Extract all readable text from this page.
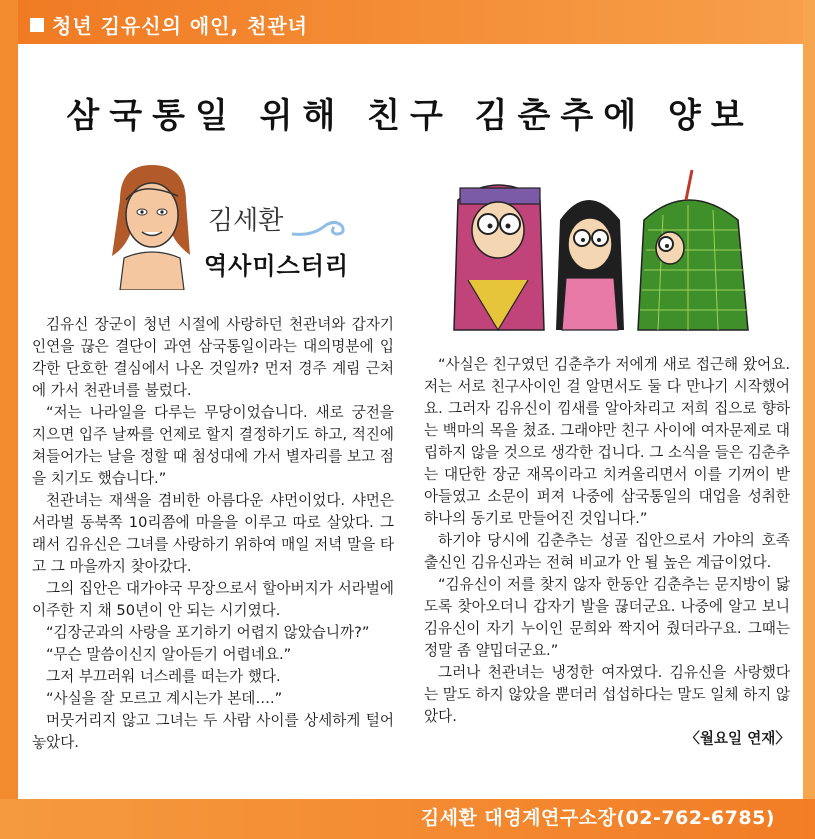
청년 김유신의 애인, 천관녀
삼국통일 위해 친구 김춘추에 양보
김세환
역사미스터리

김유신 장군이 청년 시절에 사랑하던 천관녀와 갑자기 인연을 끊은 결단이 과연 삼국통일이라는 대의명분에 입각한 단호한 결심에서 나온 것일까? 먼저 경주 계림 근처에 가서 천관녀를 불렀다.

“저는 나라일을 다루는 무당이었습니다. 새로 궁전을 지으면 입주 날짜를 언제로 할지 결정하기도 하고, 적진에 쳐들어가는 날을 정할 때 첨성대에 가서 별자리를 보고 점을 치기도 했습니다.”

천관녀는 재색을 겸비한 아름다운 샤먼이었다. 샤먼은 서라벌 동북쪽 10리쯤에 마을을 이루고 따로 살았다. 그래서 김유신은 그녀를 사랑하기 위하여 매일 저녁 말을 타고 그 마을까지 찾아갔다.

그의 집안은 대가야국 무장으로서 할아버지가 서라벌에 이주한 지 채 50년이 안 되는 시기였다.

“김장군과의 사랑을 포기하기 어렵지 않았습니까?”

“무슨 말씀이신지 알아듣기 어렵네요.”

그저 부끄러워 너스레를 떠는가 했다.

“사실을 잘 모르고 계시는가 본데….”

머뭇거리지 않고 그녀는 두 사람 사이를 상세하게 털어놓았다.

“사실은 친구였던 김춘추가 저에게 새로 접근해 왔어요. 저는 서로 친구사이인 걸 알면서도 둘 다 만나기 시작했어요. 그러자 김유신이 낌새를 알아차리고 저희 집으로 향하는 백마의 목을 쳤죠. 그래야만 친구 사이에 여자문제로 대립하지 않을 것으로 생각한 겁니다. 그 소식을 들은 김춘추는 대단한 장군 재목이라고 치켜올리면서 이를 기꺼이 받아들였고 소문이 퍼져 나중에 삼국통일의 대업을 성취한 하나의 동기로 만들어진 것입니다.”

하기야 당시에 김춘추는 성골 집안으로서 가야의 호족 출신인 김유신과는 전혀 비교가 안 될 높은 계급이었다.

“김유신이 저를 찾지 않자 한동안 김춘추는 문지방이 닳도록 찾아오더니 갑자기 발을 끊더군요. 나중에 알고 보니 김유신이 자기 누이인 문희와 짝지어 줬더라구요. 그때는 정말 좀 얄밉더군요.”

그러나 천관녀는 냉정한 여자였다. 김유신을 사랑했다는 말도 하지 않았을 뿐더러 섭섭하다는 말도 일체 하지 않았다.

〈월요일 연재〉
김세환 대영계연구소장(02-762-6785)
